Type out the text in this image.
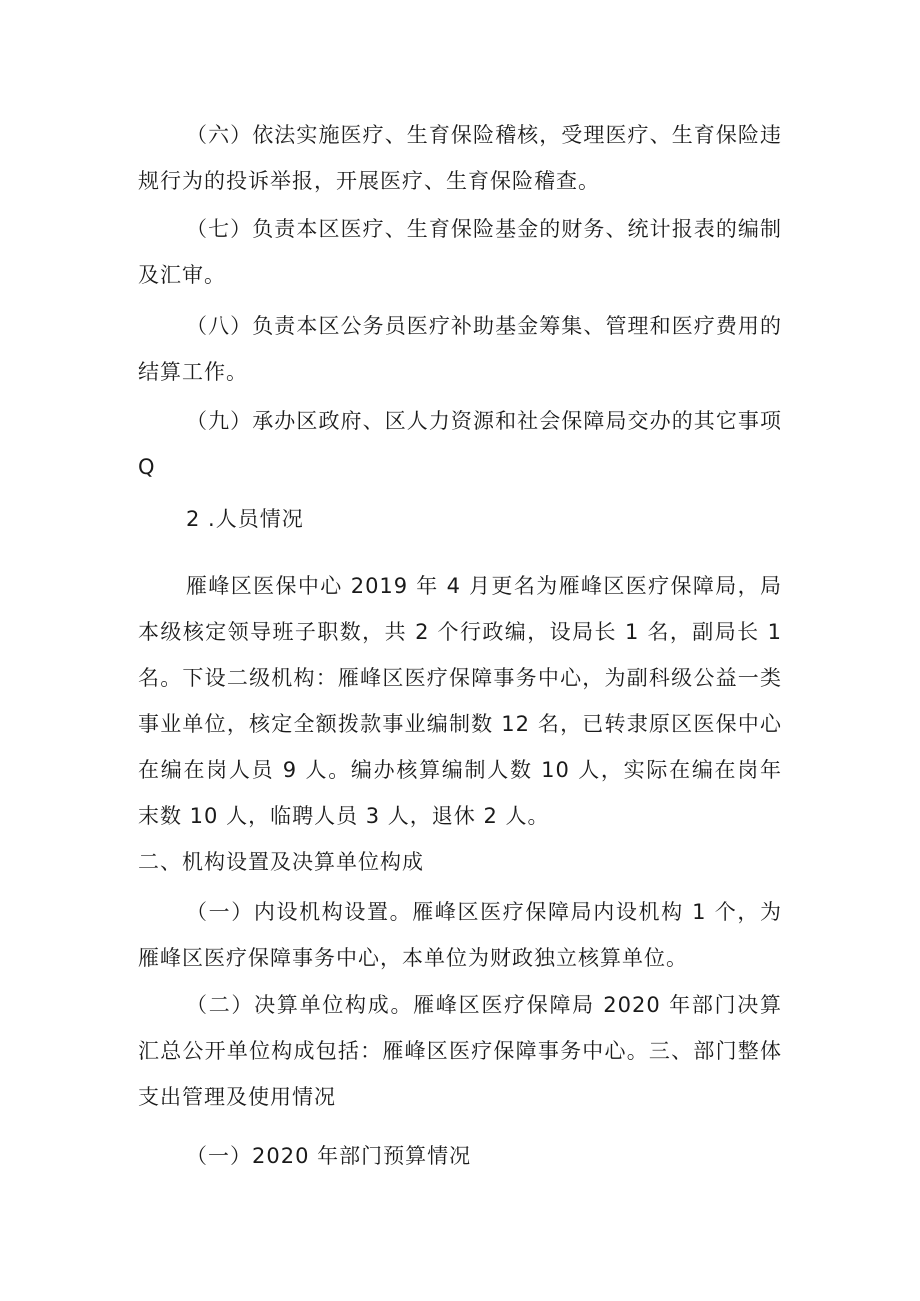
（六）依法实施医疗、生育保险稽核，受理医疗、生育保险违规行为的投诉举报，开展医疗、生育保险稽查。

（七）负责本区医疗、生育保险基金的财务、统计报表的编制及汇审。

（八）负责本区公务员医疗补助基金筹集、管理和医疗费用的结算工作。

（九）承办区政府、区人力资源和社会保障局交办的其它事项Q

2 .人员情况

雁峰区医保中心 2019 年 4 月更名为雁峰区医疗保障局，局本级核定领导班子职数，共 2 个行政编，设局长 1 名，副局长 1 名。下设二级机构：雁峰区医疗保障事务中心，为副科级公益一类事业单位，核定全额拨款事业编制数 12 名，已转隶原区医保中心在编在岗人员 9 人。编办核算编制人数 10 人，实际在编在岗年末数 10 人，临聘人员 3 人，退休 2 人。

二、机构设置及决算单位构成

（一）内设机构设置。雁峰区医疗保障局内设机构 1 个，为雁峰区医疗保障事务中心，本单位为财政独立核算单位。

（二）决算单位构成。雁峰区医疗保障局 2020 年部门决算汇总公开单位构成包括：雁峰区医疗保障事务中心。三、部门整体支出管理及使用情况

（一）2020 年部门预算情况
